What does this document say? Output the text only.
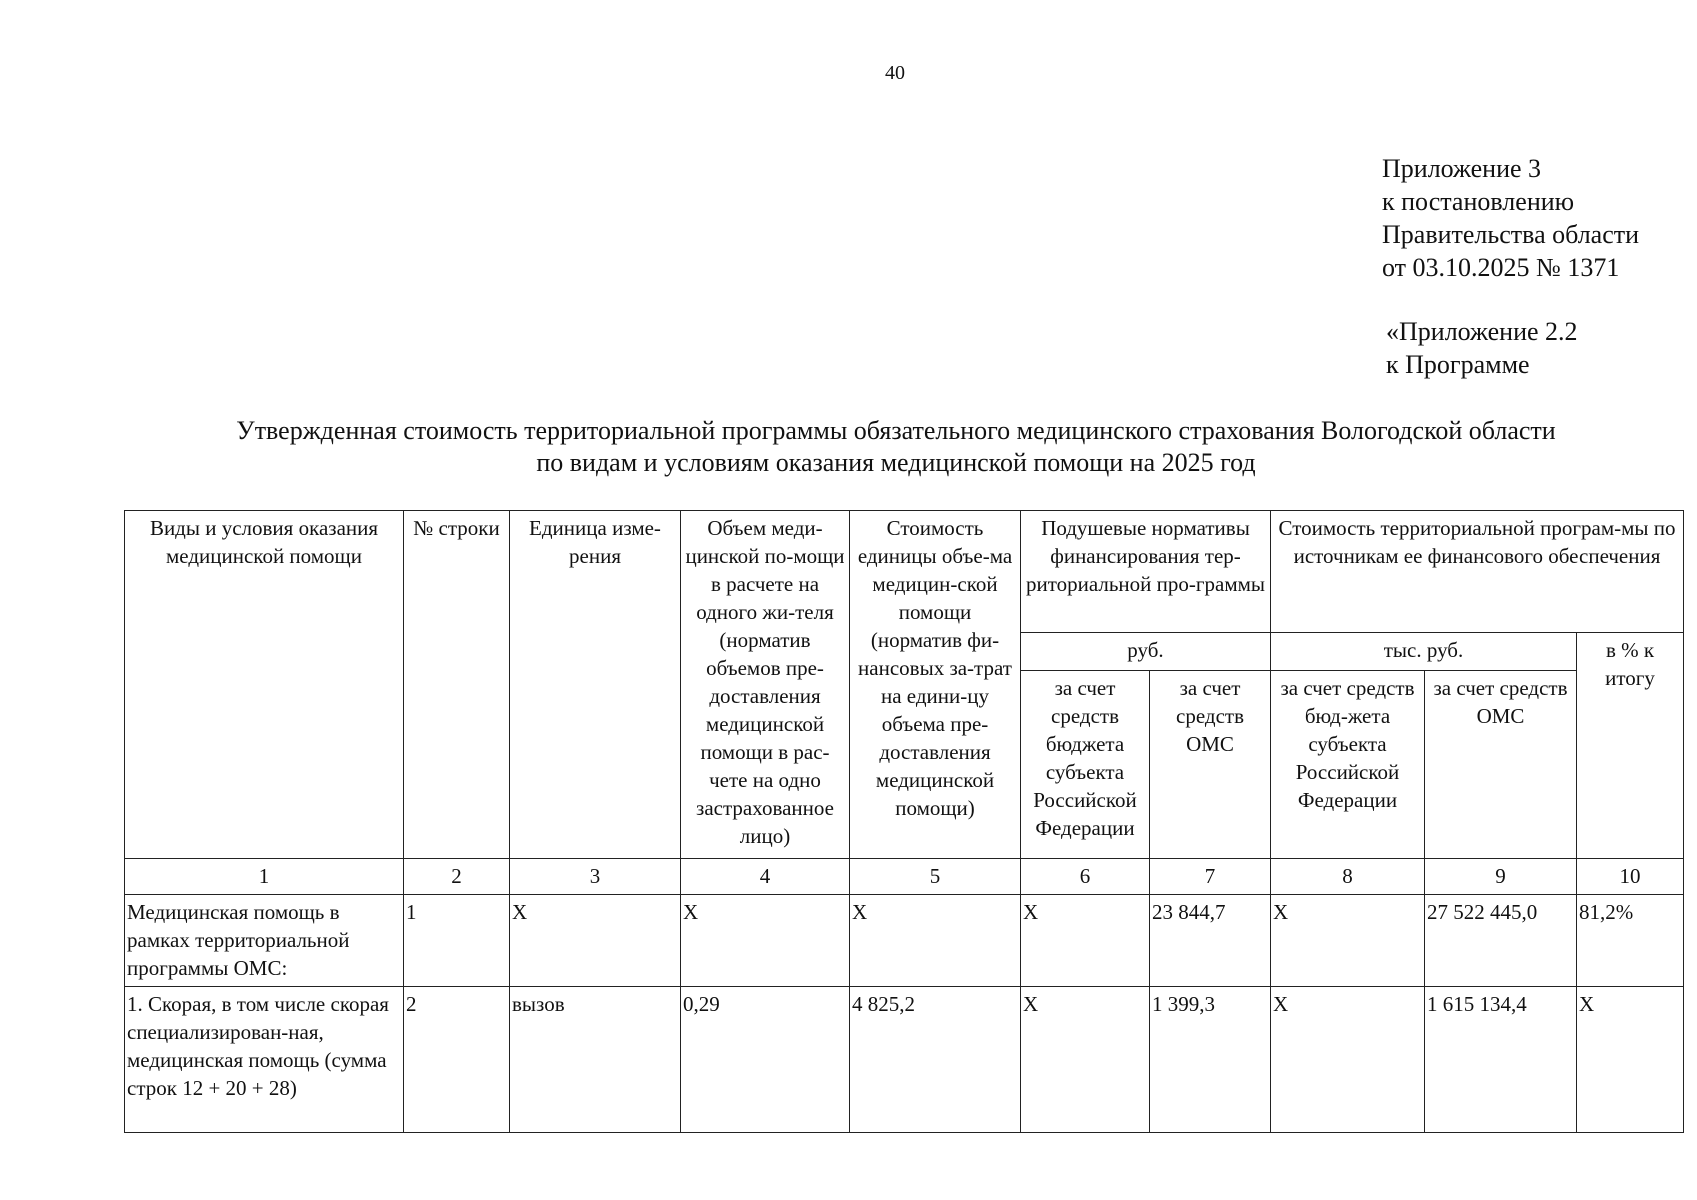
40
Приложение 3
к постановлению
Правительства области
от 03.10.2025 № 1371
«Приложение 2.2
к Программе
Утвержденная стоимость территориальной программы обязательного медицинского страхования Вологодской области
по видам и условиям оказания медицинской помощи на 2025 год
Виды и условия оказания медицинской помощи	№ строки	Единица изме-рения	Объем меди-цинской по-мощи в расчете на одного жи-теля (норматив объемов пре-доставления медицинской помощи в рас-чете на одно застрахованное лицо)	Стоимость единицы объе-ма медицин-ской помощи (норматив фи-нансовых за-трат на едини-цу объема пре-доставления медицинской помощи)	Подушевые нормативы финансирования тер-риториальной про-граммы		Стоимость территориальной програм-мы по источникам ее финансового обеспечения		
					руб.		тыс. руб.		в % к итогу
					за счет средств бюджета субъекта Российской Федерации	за счет средств ОМС	за счет средств бюд-жета субъекта Российской Федерации	за счет средств ОМС	
1	2	3	4	5	6	7	8	9	10
Медицинская помощь в рамках территориальной программы ОМС:	1	Х	Х	Х	Х	23 844,7	Х	27 522 445,0	81,2%
1. Скорая, в том числе скорая специализирован-ная, медицинская помощь (сумма строк 12 + 20 + 28)	2	вызов	0,29	4 825,2	Х	1 399,3	Х	1 615 134,4	Х
